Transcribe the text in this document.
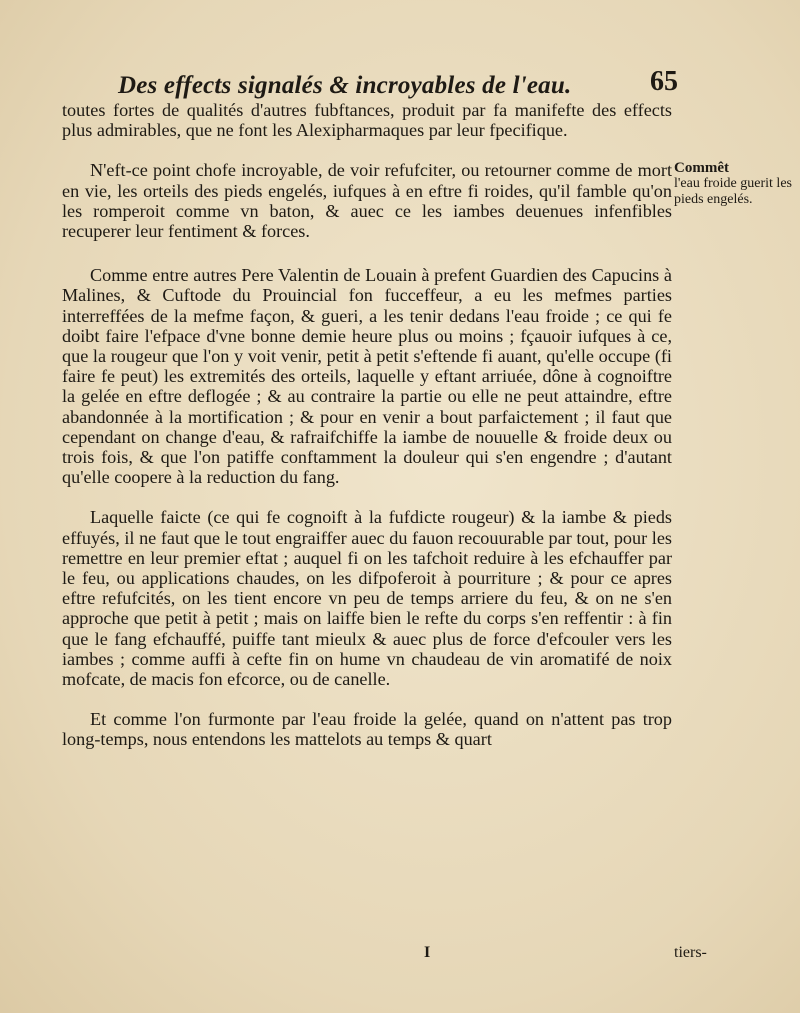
Des effects signalés & incroyables de l'eau.	65
Commêt
l'eau froide guerit les pieds engelés.

toutes fortes de qualités d'autres fubftances, produit par fa manifefte des effects plus admirables, que ne font les Alexipharmaques par leur fpecifique.

N'eft-ce point chofe incroyable, de voir refufciter, ou retourner comme de mort en vie, les orteils des pieds engelés, iufques à en eftre fi roides, qu'il famble qu'on les romperoit comme vn baton, & auec ce les iambes deuenues infenfibles recuperer leur fentiment & forces.

Comme entre autres Pere Valentin de Louain à prefent Guardien des Capucins à Malines, & Cuftode du Prouincial fon fucceffeur, a eu les mefmes parties interreffées de la mefme façon, & gueri, a les tenir dedans l'eau froide ; ce qui fe doibt faire l'efpace d'vne bonne demie heure plus ou moins ; fçauoir iufques à ce, que la rougeur que l'on y voit venir, petit à petit s'eftende fi auant, qu'elle occupe (fi faire fe peut) les extremités des orteils, laquelle y eftant arriuée, dône à cognoiftre la gelée en eftre deflogée ; & au contraire la partie ou elle ne peut attaindre, eftre abandonnée à la mortification ; & pour en venir a bout parfaictement ; il faut que cependant on change d'eau, & rafraifchiffe la iambe de nouuelle & froide deux ou trois fois, & que l'on patiffe conftamment la douleur qui s'en engendre ; d'autant qu'elle coopere à la reduction du fang.

Laquelle faicte (ce qui fe cognoift à la fufdicte rougeur) & la iambe & pieds effuyés, il ne faut que le tout engraiffer auec du fauon recouurable par tout, pour les remettre en leur premier eftat ; auquel fi on les tafchoit reduire à les efchauffer par le feu, ou applications chaudes, on les difpoferoit à pourriture ; & pour ce apres eftre refufcités, on les tient encore vn peu de temps arriere du feu, & on ne s'en approche que petit à petit ; mais on laiffe bien le refte du corps s'en reffentir : à fin que le fang efchauffé, puiffe tant mieulx & auec plus de force d'efcouler vers les iambes ; comme auffi à cefte fin on hume vn chaudeau de vin aromatifé de noix mofcate, de macis fon efcorce, ou de canelle.

Et comme l'on furmonte par l'eau froide la gelée, quand on n'attent pas trop long-temps, nous entendons les mattelots au temps & quart

I	tiers-
